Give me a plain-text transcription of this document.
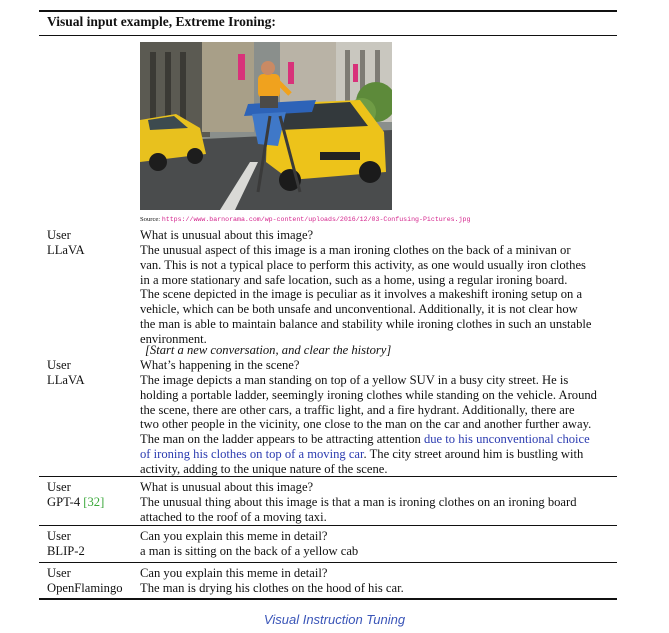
Visual input example, Extreme Ironing:
Source: https://www.barnorama.com/wp-content/uploads/2016/12/03-Confusing-Pictures.jpg
User
LLaVA
What is unusual about this image?
The unusual aspect of this image is a man ironing clothes on the back of a minivan or
van. This is not a typical place to perform this activity, as one would usually iron clothes
in a more stationary and safe location, such as a home, using a regular ironing board.
The scene depicted in the image is peculiar as it involves a makeshift ironing setup on a
vehicle, which can be both unsafe and unconventional. Additionally, it is not clear how
the man is able to maintain balance and stability while ironing clothes in such an unstable
environment.
[Start a new conversation, and clear the history]
User
LLaVA
What’s happening in the scene?
The image depicts a man standing on top of a yellow SUV in a busy city street. He is
holding a portable ladder, seemingly ironing clothes while standing on the vehicle. Around
the scene, there are other cars, a traffic light, and a fire hydrant. Additionally, there are
two other people in the vicinity, one close to the man on the car and another further away.
The man on the ladder appears to be attracting attention due to his unconventional choice
of ironing his clothes on top of a moving car. The city street around him is bustling with
activity, adding to the unique nature of the scene.
User
GPT-4 [32]
What is unusual about this image?
The unusual thing about this image is that a man is ironing clothes on an ironing board
attached to the roof of a moving taxi.
User
BLIP-2
Can you explain this meme in detail?
a man is sitting on the back of a yellow cab
User
OpenFlamingo
Can you explain this meme in detail?
The man is drying his clothes on the hood of his car.
Visual Instruction Tuning
